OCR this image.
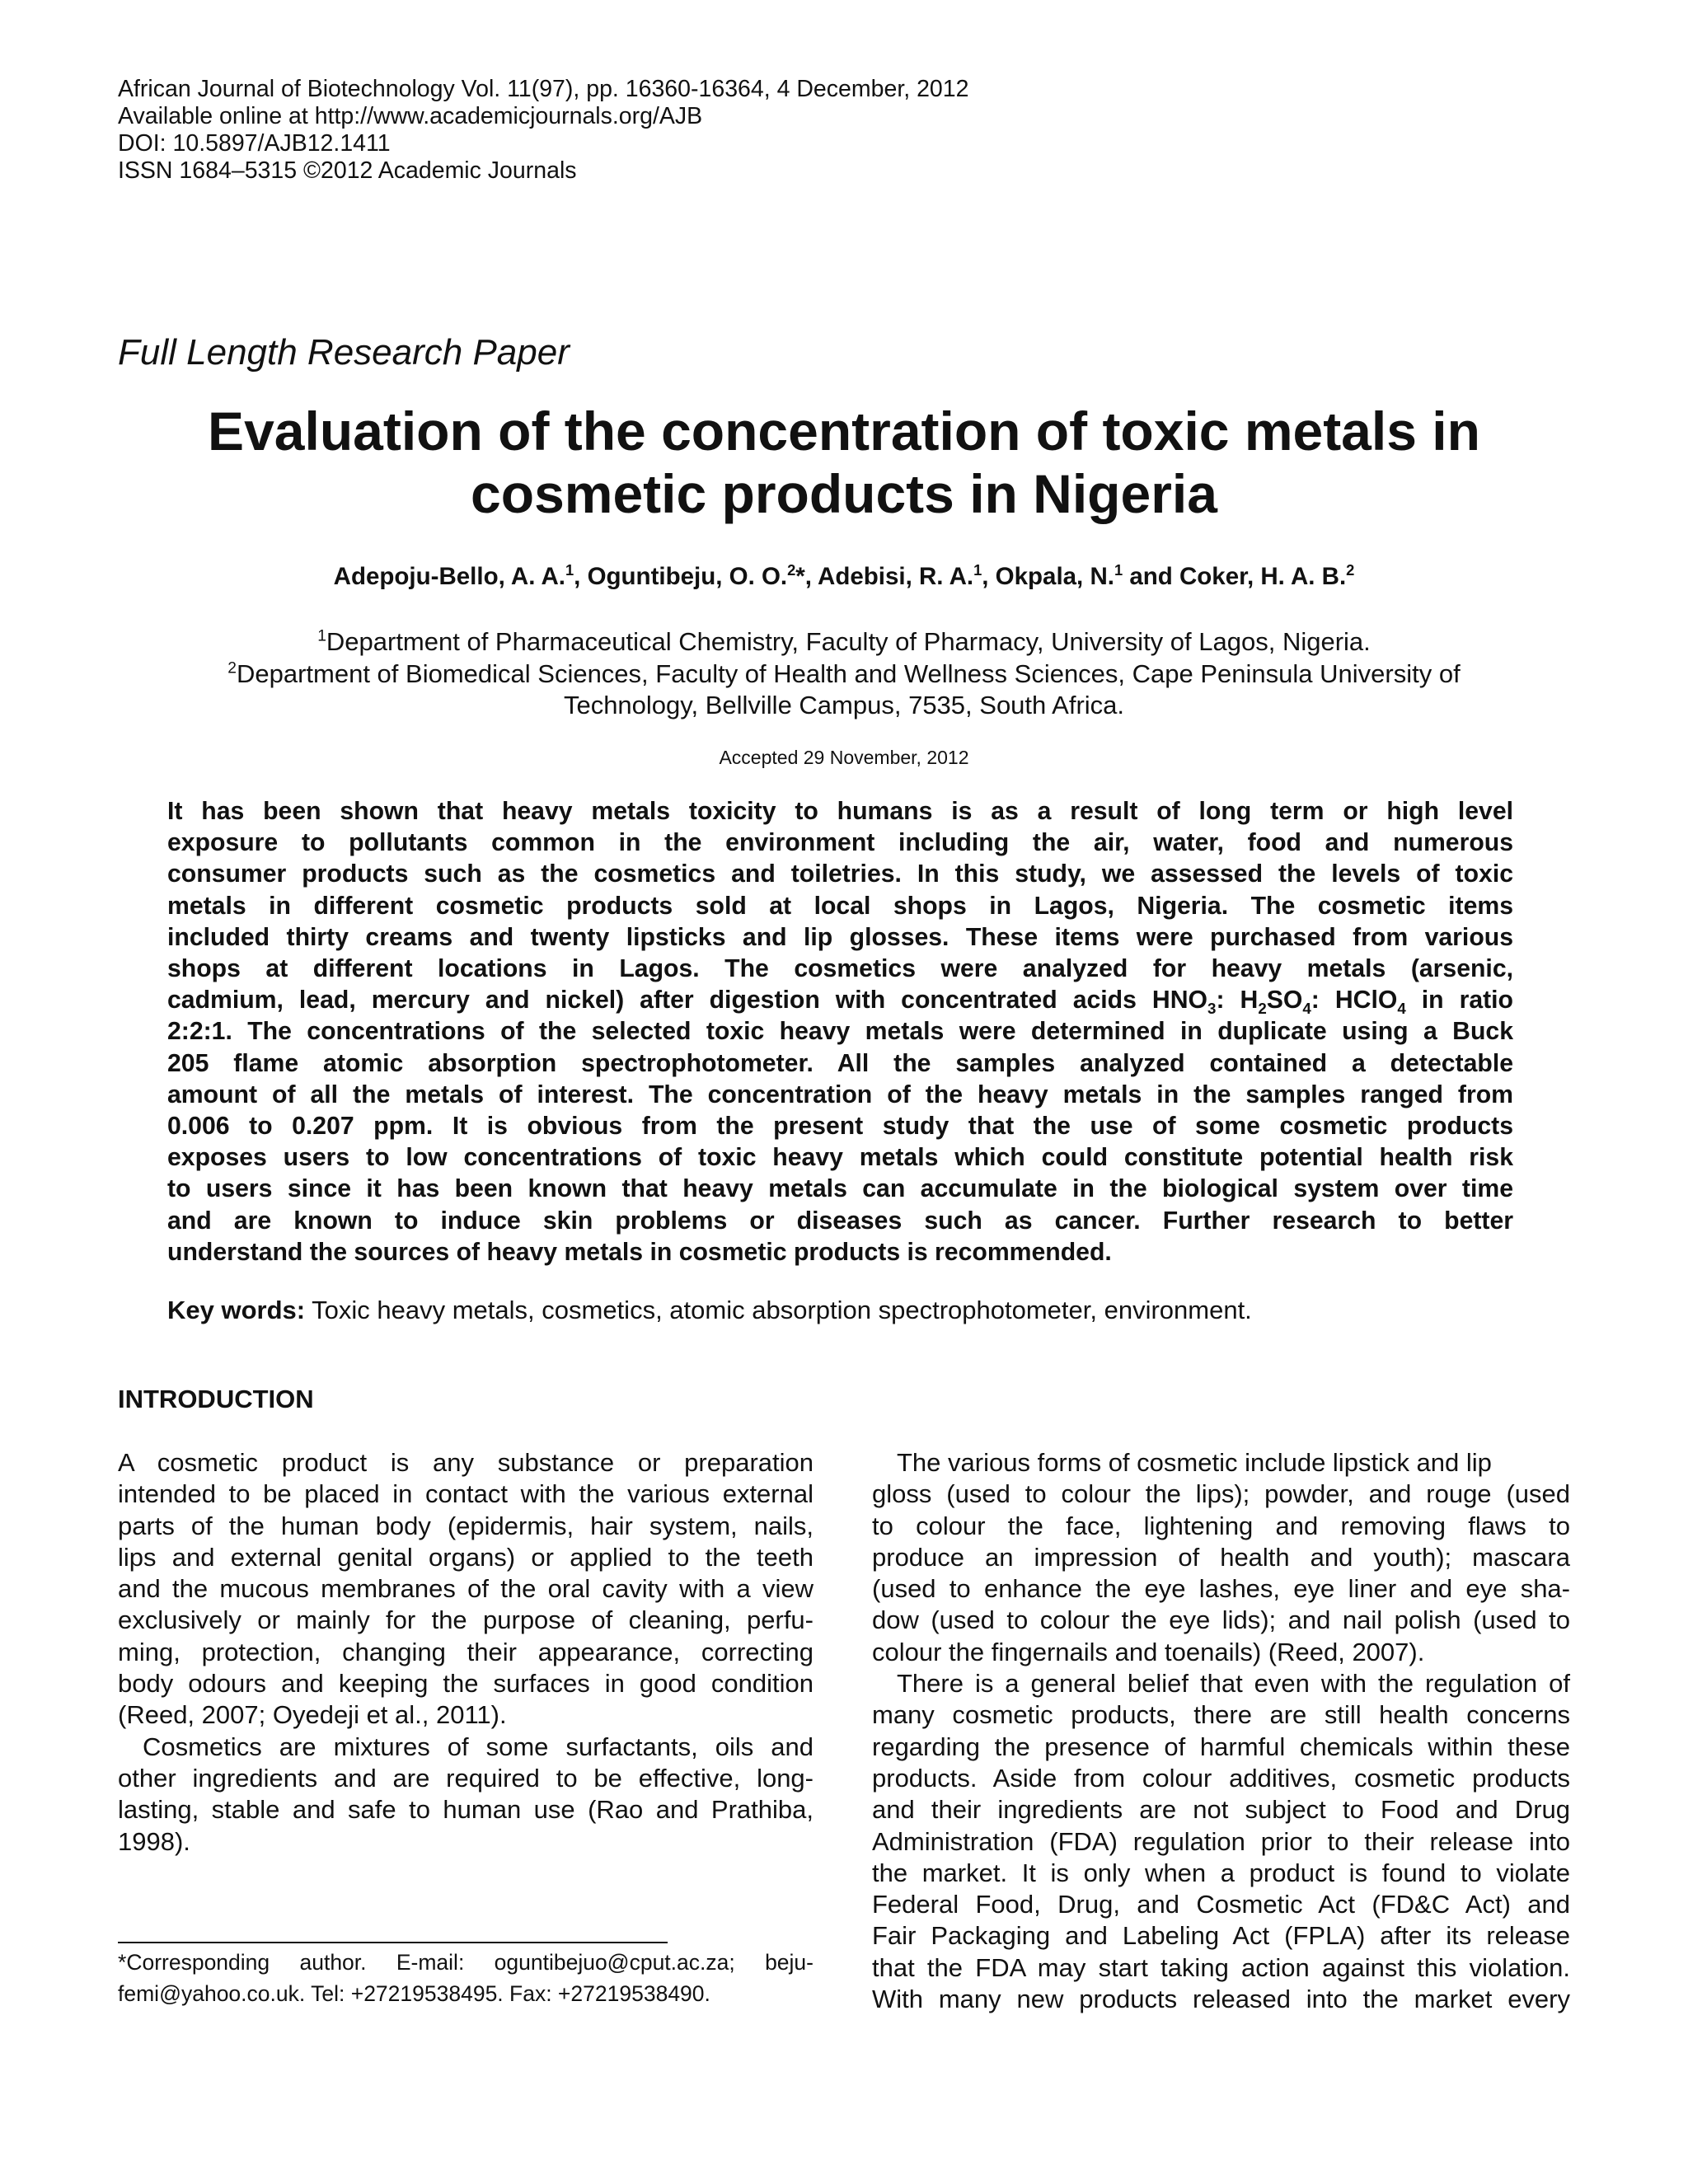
African Journal of Biotechnology Vol. 11(97), pp. 16360-16364, 4 December, 2012
Available online at http://www.academicjournals.org/AJB
DOI: 10.5897/AJB12.1411
ISSN 1684–5315 ©2012 Academic Journals
Full Length Research Paper
Evaluation of the concentration of toxic metals in
cosmetic products in Nigeria
Adepoju-Bello, A. A.$^1$, Oguntibeju, O. O.$^2$*, Adebisi, R. A.$^1$, Okpala, N.$^1$ and Coker, H. A. B.$^2$
$^1$Department of Pharmaceutical Chemistry, Faculty of Pharmacy, University of Lagos, Nigeria.
$^2$Department of Biomedical Sciences, Faculty of Health and Wellness Sciences, Cape Peninsula University of
Technology, Bellville Campus, 7535, South Africa.
Accepted 29 November, 2012
It has been shown that heavy metals toxicity to humans is as a result of long term or high level
exposure to pollutants common in the environment including the air, water, food and numerous
consumer products such as the cosmetics and toiletries. In this study, we assessed the levels of toxic
metals in different cosmetic products sold at local shops in Lagos, Nigeria. The cosmetic items
included thirty creams and twenty lipsticks and lip glosses. These items were purchased from various
shops at different locations in Lagos. The cosmetics were analyzed for heavy metals (arsenic,
cadmium, lead, mercury and nickel) after digestion with concentrated acids $HNO_3$: $H_2SO_4$: HClO$_4$ in ratio
2:2:1. The concentrations of the selected toxic heavy metals were determined in duplicate using a Buck
205 flame atomic absorption spectrophotometer. All the samples analyzed contained a detectable
amount of all the metals of interest. The concentration of the heavy metals in the samples ranged from
0.006 to 0.207 ppm. It is obvious from the present study that the use of some cosmetic products
exposes users to low concentrations of toxic heavy metals which could constitute potential health risk
to users since it has been known that heavy metals can accumulate in the biological system over time
and are known to induce skin problems or diseases such as cancer. Further research to better
understand the sources of heavy metals in cosmetic products is recommended.
Key words: Toxic heavy metals, cosmetics, atomic absorption spectrophotometer, environment.
INTRODUCTION
A cosmetic product is any substance or preparation
intended to be placed in contact with the various external
parts of the human body (epidermis, hair system, nails,
lips and external genital organs) or applied to the teeth
and the mucous membranes of the oral cavity with a view
exclusively or mainly for the purpose of cleaning, perfu-
ming, protection, changing their appearance, correcting
body odours and keeping the surfaces in good condition
(Reed, 2007; Oyedeji et al., 2011).
Cosmetics are mixtures of some surfactants, oils and
other ingredients and are required to be effective, long-
lasting, stable and safe to human use (Rao and Prathiba,
1998).
The various forms of cosmetic include lipstick and lip
gloss (used to colour the lips); powder, and rouge (used
to colour the face, lightening and removing flaws to
produce an impression of health and youth); mascara
(used to enhance the eye lashes, eye liner and eye sha-
dow (used to colour the eye lids); and nail polish (used to
colour the fingernails and toenails) (Reed, 2007).
There is a general belief that even with the regulation of
many cosmetic products, there are still health concerns
regarding the presence of harmful chemicals within these
products. Aside from colour additives, cosmetic products
and their ingredients are not subject to Food and Drug
Administration (FDA) regulation prior to their release into
the market. It is only when a product is found to violate
Federal Food, Drug, and Cosmetic Act (FD&C Act) and
Fair Packaging and Labeling Act (FPLA) after its release
that the FDA may start taking action against this violation.
With many new products released into the market every
*Corresponding author. E-mail: oguntibejuo@cput.ac.za; beju-
femi@yahoo.co.uk. Tel: +27219538495. Fax: +27219538490.
